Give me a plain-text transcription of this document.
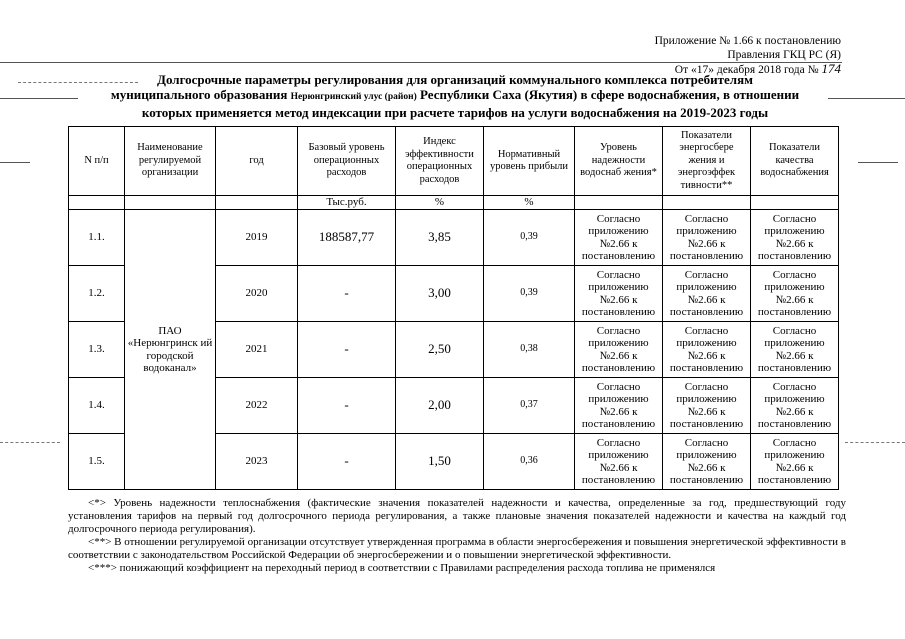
Приложение № 1.66 к постановлению
Правления ГКЦ РС (Я)
От «17» декабря 2018 года № 174
Долгосрочные параметры регулирования для организаций коммунального комплекса потребителям
муниципального образования Нерюнгринский улус (район) Республики Саха (Якутия) в сфере водоснабжения, в отношении
которых применяется метод индексации при расчете тарифов на услуги водоснабжения на 2019-2023 годы
N п/п	Наименование регулируемой организации	год	Базовый уровень операционных расходов	Индекс эффективности операционных расходов	Нормативный уровень прибыли	Уровень надежности водоснаб жения*	Показатели энергосбере жения и энергоэффек тивности**	Показатели качества водоснабжения
			Тыс.руб.	%	%			
1.1.	ПАО «Нерюнгринск ий городской водоканал»	2019	188587,77	3,85	0,39	Согласно приложению №2.66 к постановлению	Согласно приложению №2.66 к постановлению	Согласно приложению №2.66 к постановлению
1.2.		2020	-	3,00	0,39	Согласно приложению №2.66 к постановлению	Согласно приложению №2.66 к постановлению	Согласно приложению №2.66 к постановлению
1.3.		2021	-	2,50	0,38	Согласно приложению №2.66 к постановлению	Согласно приложению №2.66 к постановлению	Согласно приложению №2.66 к постановлению
1.4.		2022	-	2,00	0,37	Согласно приложению №2.66 к постановлению	Согласно приложению №2.66 к постановлению	Согласно приложению №2.66 к постановлению
1.5.		2023	-	1,50	0,36	Согласно приложению №2.66 к постановлению	Согласно приложению №2.66 к постановлению	Согласно приложению №2.66 к постановлению

<*> Уровень надежности теплоснабжения (фактические значения показателей надежности и качества, определенные за год, предшествующий году установления тарифов на первый год долгосрочного периода регулирования, а также плановые значения показателей надежности и качества на каждый год долгосрочного периода регулирования).

<**> В отношении регулируемой организации отсутствует утвержденная программа в области энергосбережения и повышения энергетической эффективности в соответствии с законодательством Российской Федерации об энергосбережении и о повышении энергетической эффективности.

<***> понижающий коэффициент на переходный период в соответствии с Правилами распределения расхода топлива не применялся
